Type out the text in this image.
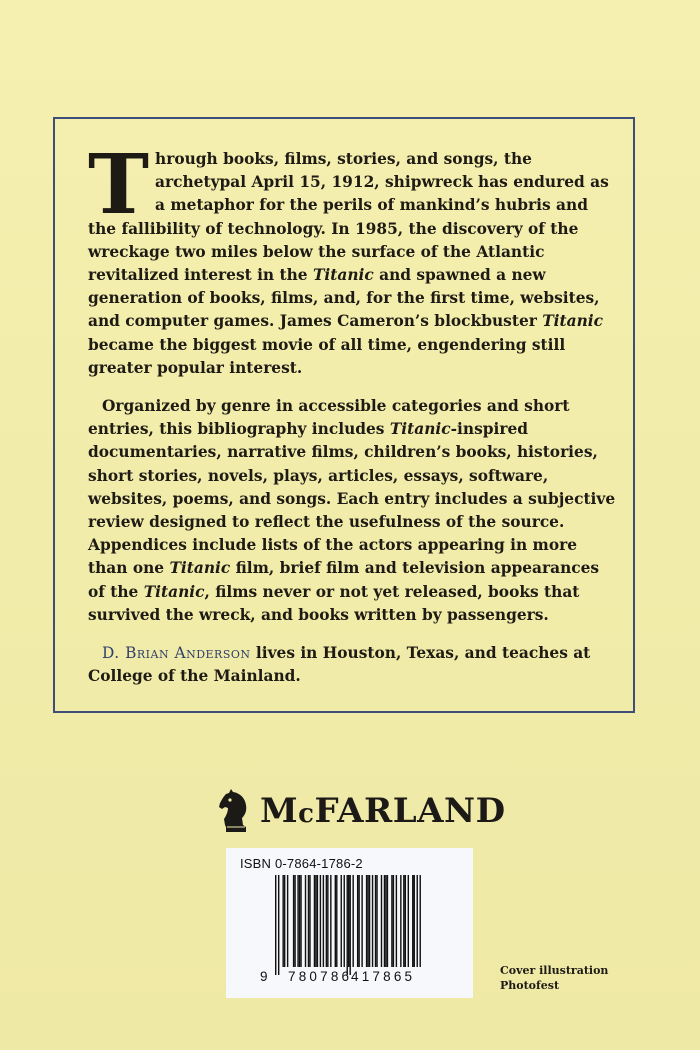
Through books, films, stories, and songs, the archetypal April 15, 1912, shipwreck has endured as a metaphor for the perils of mankind’s hubris and the fallibility of technology. In 1985, the discovery of the wreckage two miles below the surface of the Atlantic revitalized interest in the Titanic and spawned a new generation of books, films, and, for the first time, websites, and computer games. James Cameron’s blockbuster Titanic became the biggest movie of all time, engendering still greater popular interest.

Organized by genre in accessible categories and short entries, this bibliography includes Titanic-inspired documentaries, narrative films, children’s books, histories, short stories, novels, plays, articles, essays, software, websites, poems, and songs. Each entry includes a subjective review designed to reflect the usefulness of the source. Appendices include lists of the actors appearing in more than one Titanic film, brief film and television appearances of the Titanic, films never or not yet released, books that survived the wreck, and books written by passengers.

D. Brian Anderson lives in Houston, Texas, and teaches at College of the Mainland.

McFARLAND
ISBN 0-7864-1786-2
9 780786
417865	Cover illustration
Photofest
